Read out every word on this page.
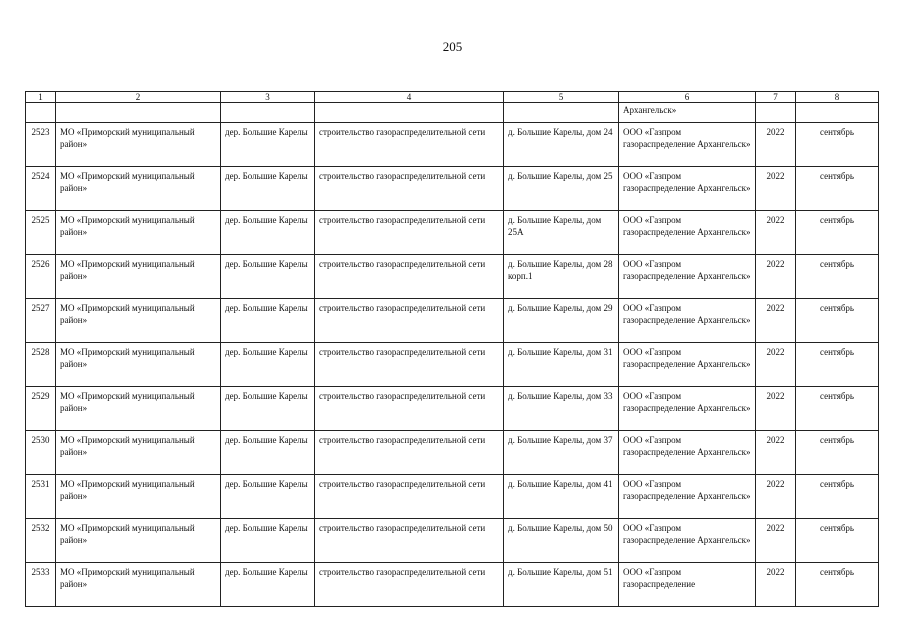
205
1	2	3	4	5	6	7	8
					Архангельск»		
2523	МО «Приморский муниципальный район»	дер. Большие Карелы	строительство газораспределительной сети	д. Большие Карелы, дом 24	ООО «Газпром газораспределение Архангельск»	2022	сентябрь
2524	МО «Приморский муниципальный район»	дер. Большие Карелы	строительство газораспределительной сети	д. Большие Карелы, дом 25	ООО «Газпром газораспределение Архангельск»	2022	сентябрь
2525	МО «Приморский муниципальный район»	дер. Большие Карелы	строительство газораспределительной сети	д. Большие Карелы, дом 25А	ООО «Газпром газораспределение Архангельск»	2022	сентябрь
2526	МО «Приморский муниципальный район»	дер. Большие Карелы	строительство газораспределительной сети	д. Большие Карелы, дом 28 корп.1	ООО «Газпром газораспределение Архангельск»	2022	сентябрь
2527	МО «Приморский муниципальный район»	дер. Большие Карелы	строительство газораспределительной сети	д. Большие Карелы, дом 29	ООО «Газпром газораспределение Архангельск»	2022	сентябрь
2528	МО «Приморский муниципальный район»	дер. Большие Карелы	строительство газораспределительной сети	д. Большие Карелы, дом 31	ООО «Газпром газораспределение Архангельск»	2022	сентябрь
2529	МО «Приморский муниципальный район»	дер. Большие Карелы	строительство газораспределительной сети	д. Большие Карелы, дом 33	ООО «Газпром газораспределение Архангельск»	2022	сентябрь
2530	МО «Приморский муниципальный район»	дер. Большие Карелы	строительство газораспределительной сети	д. Большие Карелы, дом 37	ООО «Газпром газораспределение Архангельск»	2022	сентябрь
2531	МО «Приморский муниципальный район»	дер. Большие Карелы	строительство газораспределительной сети	д. Большие Карелы, дом 41	ООО «Газпром газораспределение Архангельск»	2022	сентябрь
2532	МО «Приморский муниципальный район»	дер. Большие Карелы	строительство газораспределительной сети	д. Большие Карелы, дом 50	ООО «Газпром газораспределение Архангельск»	2022	сентябрь
2533	МО «Приморский муниципальный район»	дер. Большие Карелы	строительство газораспределительной сети	д. Большие Карелы, дом 51	ООО «Газпром газораспределение	2022	сентябрь
